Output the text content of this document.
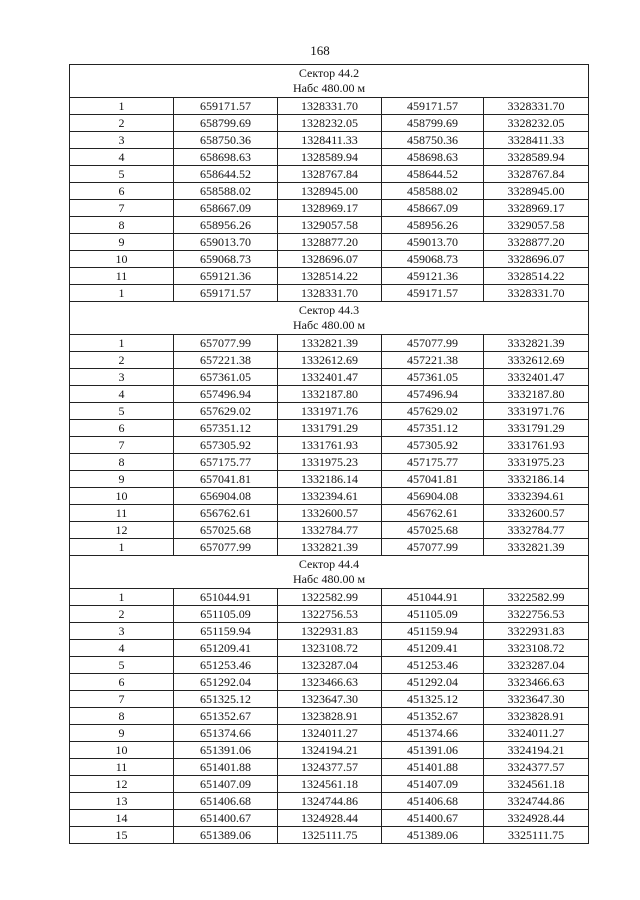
168
Сектор 44.2
Набс 480.00 м				

1	659171.57	1328331.70	459171.57	3328331.70
2	658799.69	1328232.05	458799.69	3328232.05
3	658750.36	1328411.33	458750.36	3328411.33
4	658698.63	1328589.94	458698.63	3328589.94
5	658644.52	1328767.84	458644.52	3328767.84
6	658588.02	1328945.00	458588.02	3328945.00
7	658667.09	1328969.17	458667.09	3328969.17
8	658956.26	1329057.58	458956.26	3329057.58
9	659013.70	1328877.20	459013.70	3328877.20
10	659068.73	1328696.07	459068.73	3328696.07
11	659121.36	1328514.22	459121.36	3328514.22
1	659171.57	1328331.70	459171.57	3328331.70

Сектор 44.3
Набс 480.00 м				

1	657077.99	1332821.39	457077.99	3332821.39
2	657221.38	1332612.69	457221.38	3332612.69
3	657361.05	1332401.47	457361.05	3332401.47
4	657496.94	1332187.80	457496.94	3332187.80
5	657629.02	1331971.76	457629.02	3331971.76
6	657351.12	1331791.29	457351.12	3331791.29
7	657305.92	1331761.93	457305.92	3331761.93
8	657175.77	1331975.23	457175.77	3331975.23
9	657041.81	1332186.14	457041.81	3332186.14
10	656904.08	1332394.61	456904.08	3332394.61
11	656762.61	1332600.57	456762.61	3332600.57
12	657025.68	1332784.77	457025.68	3332784.77
1	657077.99	1332821.39	457077.99	3332821.39

Сектор 44.4
Набс 480.00 м				

1	651044.91	1322582.99	451044.91	3322582.99
2	651105.09	1322756.53	451105.09	3322756.53
3	651159.94	1322931.83	451159.94	3322931.83
4	651209.41	1323108.72	451209.41	3323108.72
5	651253.46	1323287.04	451253.46	3323287.04
6	651292.04	1323466.63	451292.04	3323466.63
7	651325.12	1323647.30	451325.12	3323647.30
8	651352.67	1323828.91	451352.67	3323828.91
9	651374.66	1324011.27	451374.66	3324011.27
10	651391.06	1324194.21	451391.06	3324194.21
11	651401.88	1324377.57	451401.88	3324377.57
12	651407.09	1324561.18	451407.09	3324561.18
13	651406.68	1324744.86	451406.68	3324744.86
14	651400.67	1324928.44	451400.67	3324928.44
15	651389.06	1325111.75	451389.06	3325111.75
